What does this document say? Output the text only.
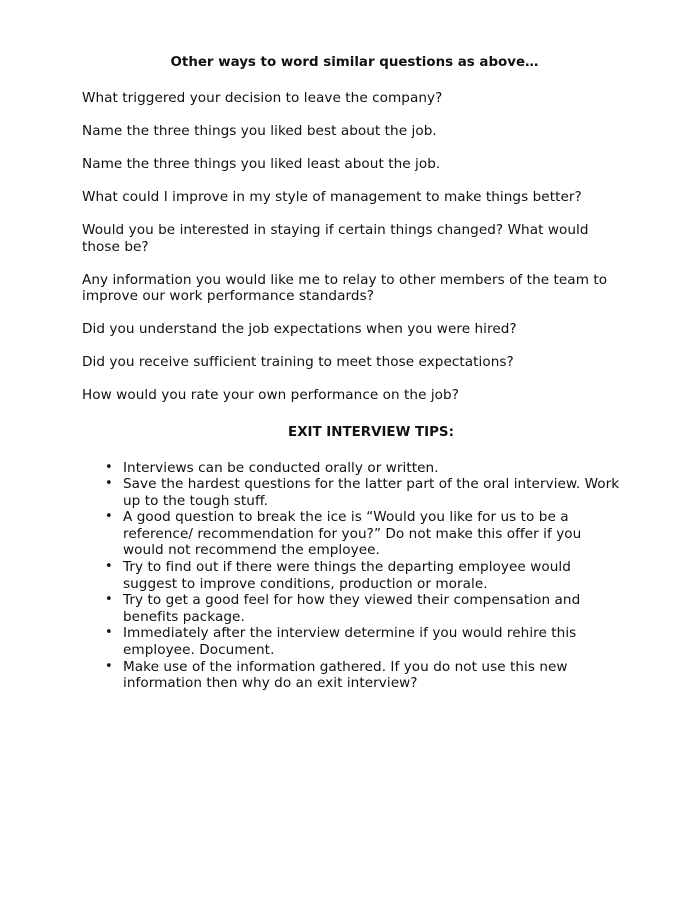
Other ways to word similar questions as above…

What triggered your decision to leave the company?

Name the three things you liked best about the job.

Name the three things you liked least about the job.

What could I improve in my style of management to make things better?

Would you be interested in staying if certain things changed? What would those be?

Any information you would like me to relay to other members of the team to improve our work performance standards?

Did you understand the job expectations when you were hired?

Did you receive sufficient training to meet those expectations?

How would you rate your own performance on the job?

EXIT INTERVIEW TIPS:
• Interviews can be conducted orally or written.
• Save the hardest questions for the latter part of the oral interview. Work up to the tough stuff.
• A good question to break the ice is “Would you like for us to be a reference/ recommendation for you?” Do not make this offer if you would not recommend the employee.
• Try to find out if there were things the departing employee would suggest to improve conditions, production or morale.
• Try to get a good feel for how they viewed their compensation and benefits package.
• Immediately after the interview determine if you would rehire this employee. Document.
• Make use of the information gathered. If you do not use this new information then why do an exit interview?
